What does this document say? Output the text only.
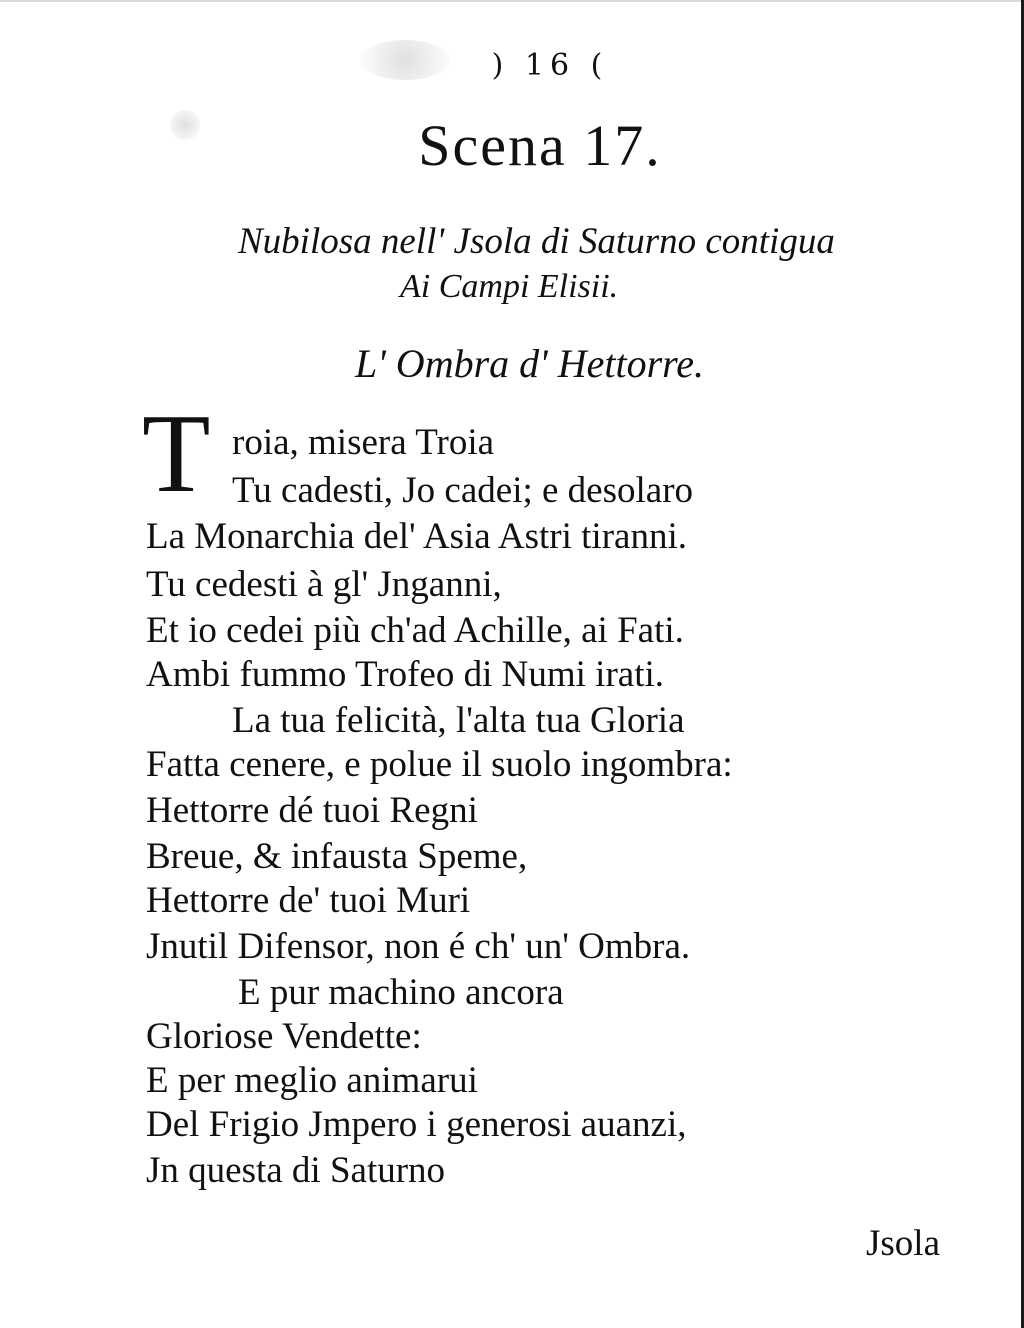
) 16 (
Scena 17.
Nubilosa nell' Jsola di Saturno contigua
Ai Campi Elisii.
L' Ombra d' Hettorre.
T roia, misera Troia
Tu cadesti, Jo cadei; e desolaro
La Monarchia del' Asia Astri tiranni.
Tu cedesti à gl' Jnganni,
Et io cedei più ch'ad Achille, ai Fati.
Ambi fummo Trofeo di Numi irati.
La tua felicità, l'alta tua Gloria
Fatta cenere, e polue il suolo ingombra:
Hettorre dé tuoi Regni
Breue, & infausta Speme,
Hettorre de' tuoi Muri
Jnutil Difensor, non é ch' un' Ombra.
E pur machino ancora
Gloriose Vendette:
E per meglio animarui
Del Frigio Jmpero i generosi auanzi,
Jn questa di Saturno
Jsola
